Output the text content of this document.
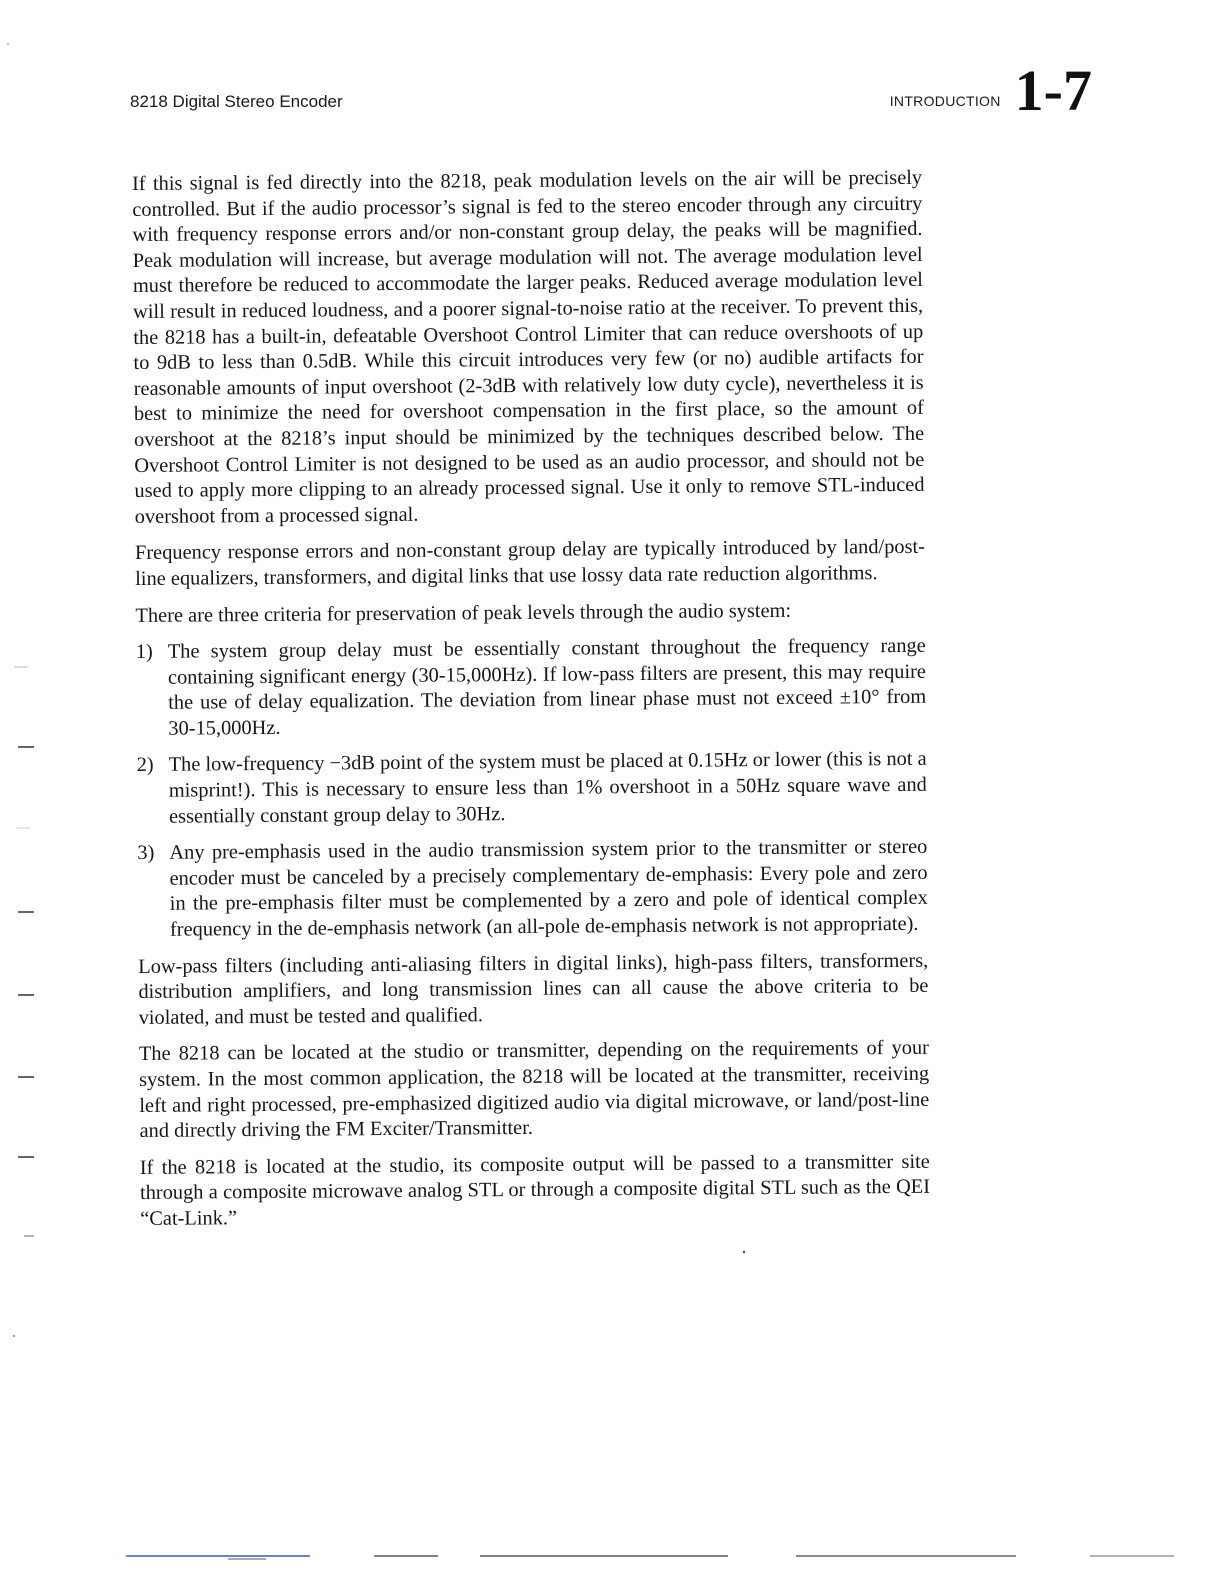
8218 Digital Stereo Encoder	INTRODUCTION 1-7

If this signal is fed directly into the 8218, peak modulation levels on the air will be precisely controlled. But if the audio processor’s signal is fed to the stereo encoder through any circuitry with frequency response errors and/or non-constant group delay, the peaks will be magnified. Peak modulation will increase, but average modulation will not. The average modulation level must therefore be reduced to accommodate the larger peaks. Reduced average modulation level will result in reduced loudness, and a poorer signal-to-noise ratio at the receiver. To prevent this, the 8218 has a built-in, defeatable Overshoot Control Limiter that can reduce overshoots of up to 9dB to less than 0.5dB. While this circuit introduces very few (or no) audible artifacts for reasonable amounts of input overshoot (2-3dB with relatively low duty cycle), nevertheless it is best to minimize the need for overshoot compensation in the first place, so the amount of overshoot at the 8218’s input should be minimized by the techniques described below. The Overshoot Control Limiter is not designed to be used as an audio processor, and should not be used to apply more clipping to an already processed signal. Use it only to remove STL-induced overshoot from a processed signal.

Frequency response errors and non-constant group delay are typically introduced by land/post-line equalizers, transformers, and digital links that use lossy data rate reduction algorithms.

There are three criteria for preservation of peak levels through the audio system:

1) The system group delay must be essentially constant throughout the frequency range containing significant energy (30-15,000Hz). If low-pass filters are present, this may require the use of delay equalization. The deviation from linear phase must not exceed ±10° from 30-15,000Hz.
2) The low-frequency −3dB point of the system must be placed at 0.15Hz or lower (this is not a misprint!). This is necessary to ensure less than 1% overshoot in a 50Hz square wave and essentially constant group delay to 30Hz.
3) Any pre-emphasis used in the audio transmission system prior to the transmitter or stereo encoder must be canceled by a precisely complementary de-emphasis: Every pole and zero in the pre-emphasis filter must be complemented by a zero and pole of identical complex frequency in the de-emphasis network (an all-pole de-emphasis network is not appropriate).

Low-pass filters (including anti-aliasing filters in digital links), high-pass filters, transformers, distribution amplifiers, and long transmission lines can all cause the above criteria to be violated, and must be tested and qualified.

The 8218 can be located at the studio or transmitter, depending on the requirements of your system. In the most common application, the 8218 will be located at the transmitter, receiving left and right processed, pre-emphasized digitized audio via digital microwave, or land/post-line and directly driving the FM Exciter/Transmitter.

If the 8218 is located at the studio, its composite output will be passed to a transmitter site through a composite microwave analog STL or through a composite digital STL such as the QEI “Cat-Link.”
